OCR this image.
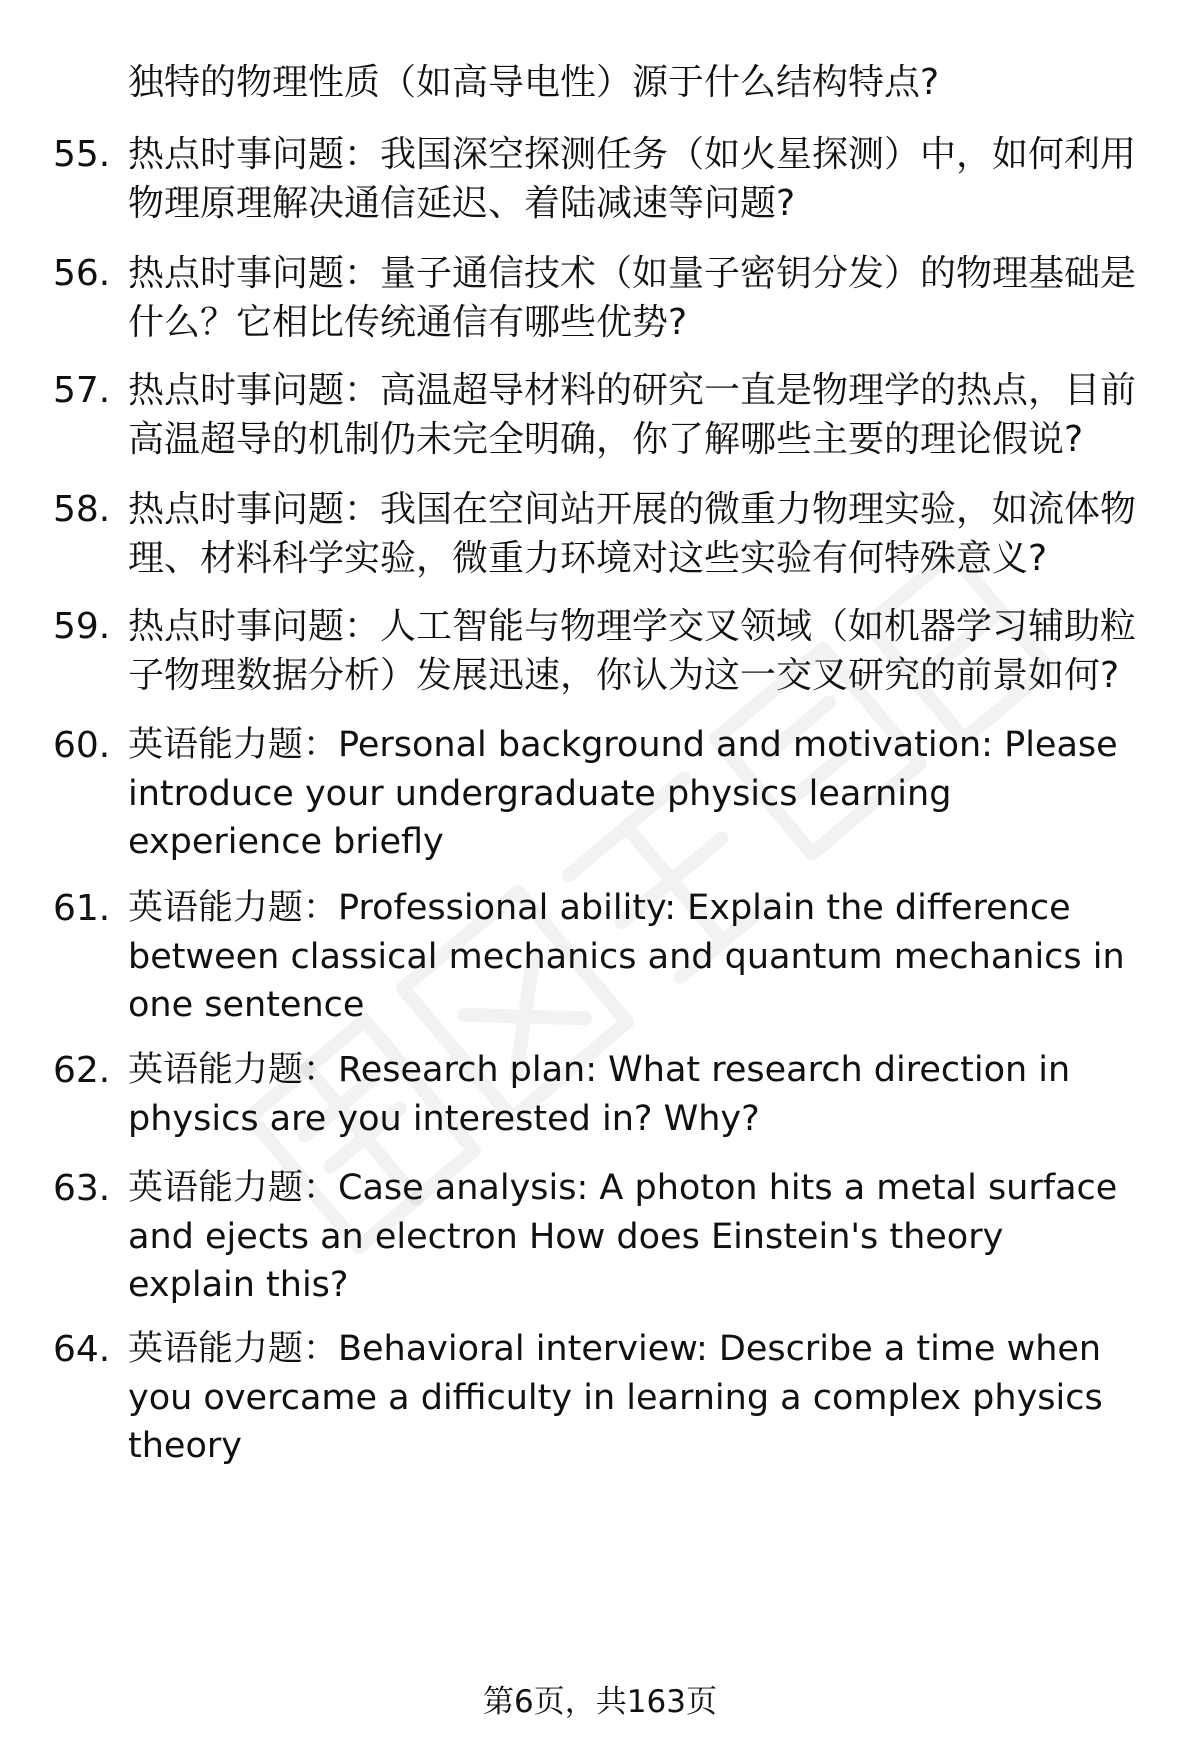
独特的物理性质（如高导电性）源于什么结构特点?
55. 热点时事问题：我国深空探测任务（如火星探测）中，如何利用物理原理解决通信延迟、着陆减速等问题?
56. 热点时事问题：量子通信技术（如量子密钥分发）的物理基础是什么？它相比传统通信有哪些优势?
57. 热点时事问题：高温超导材料的研究一直是物理学的热点，目前高温超导的机制仍未完全明确，你了解哪些主要的理论假说?
58. 热点时事问题：我国在空间站开展的微重力物理实验，如流体物理、材料科学实验，微重力环境对这些实验有何特殊意义?
59. 热点时事问题：人工智能与物理学交叉领域（如机器学习辅助粒子物理数据分析）发展迅速，你认为这一交叉研究的前景如何?
60. 英语能力题：Personal background and motivation: Please introduce your undergraduate physics learning experience briefly
61. 英语能力题：Professional ability: Explain the difference between classical mechanics and quantum mechanics in one sentence
62. 英语能力题：Research plan: What research direction in physics are you interested in? Why?
63. 英语能力题：Case analysis: A photon hits a metal surface and ejects an electron How does Einstein's theory explain this?
64. 英语能力题：Behavioral interview: Describe a time when you overcame a difficulty in learning a complex physics theory
第6页，共163页
